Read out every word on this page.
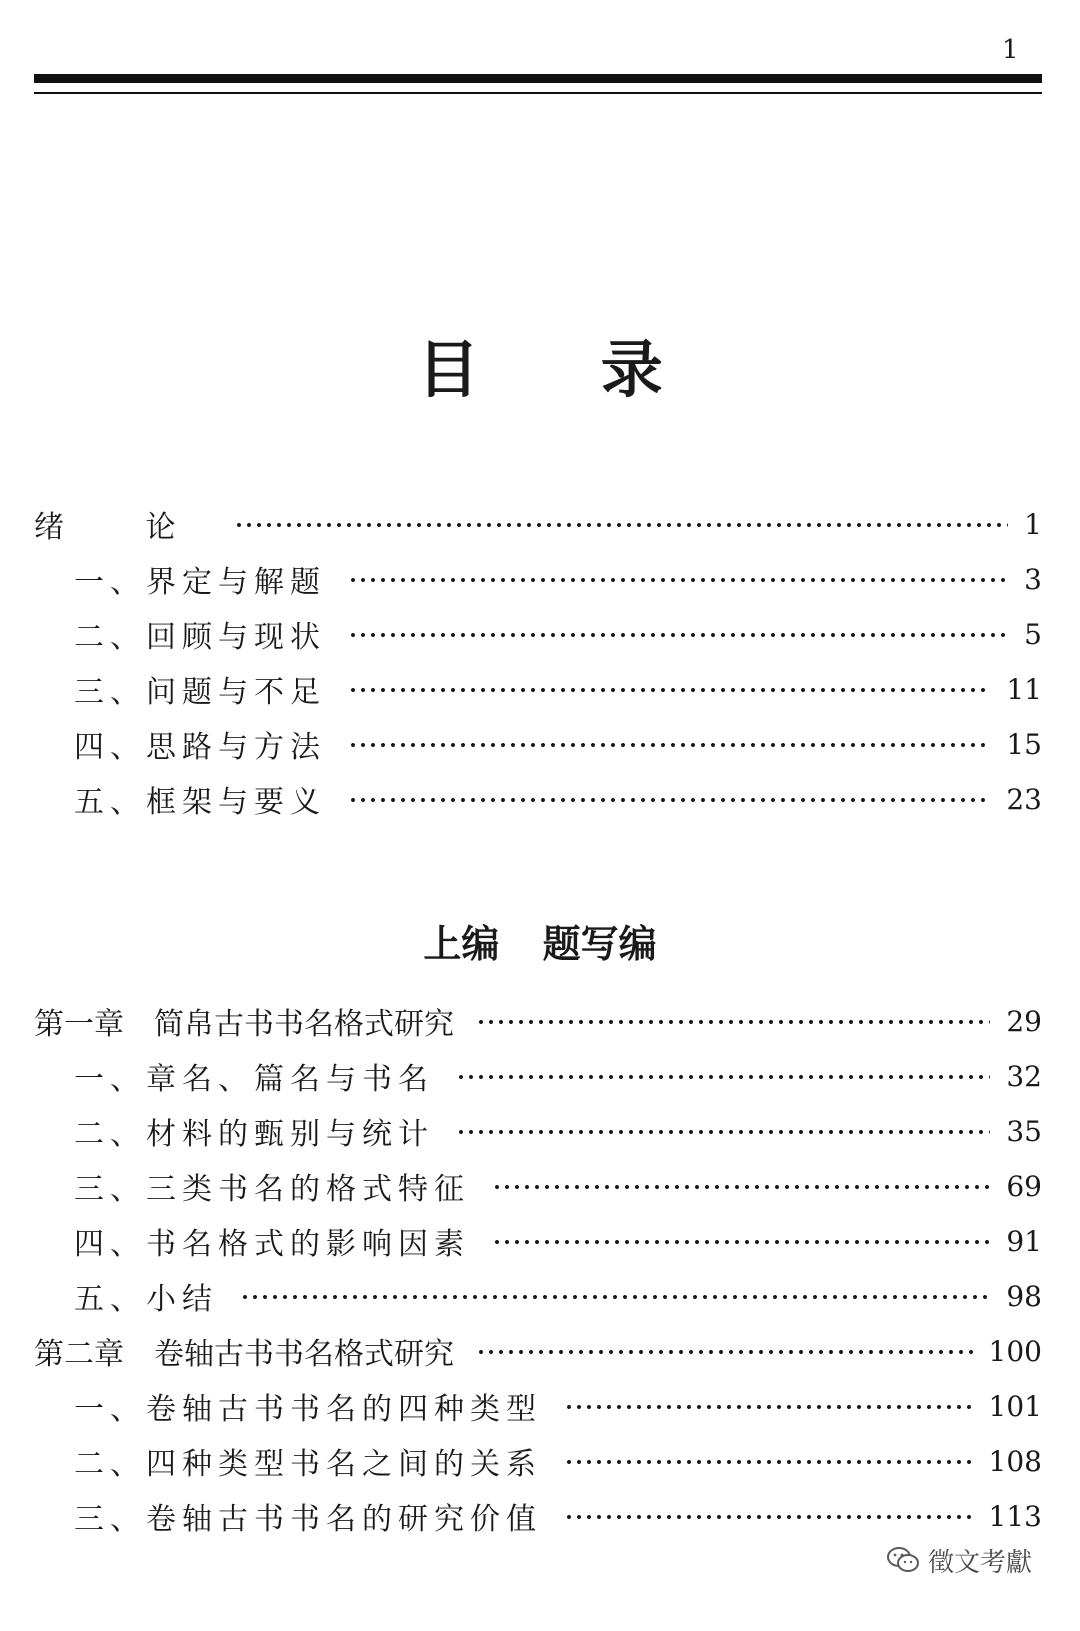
1
目 录
绪 论	1
一、界定与解题	3
二、回顾与现状	5
三、问题与不足	11
四、思路与方法	15
五、框架与要义	23
上编 题写编
第一章　简帛古书书名格式研究	29
一、章名、篇名与书名	32
二、材料的甄别与统计	35
三、三类书名的格式特征	69
四、书名格式的影响因素	91
五、小结	98
第二章　卷轴古书书名格式研究	100
一、卷轴古书书名的四种类型	101
二、四种类型书名之间的关系	108
三、卷轴古书书名的研究价值	113
徵文考獻
